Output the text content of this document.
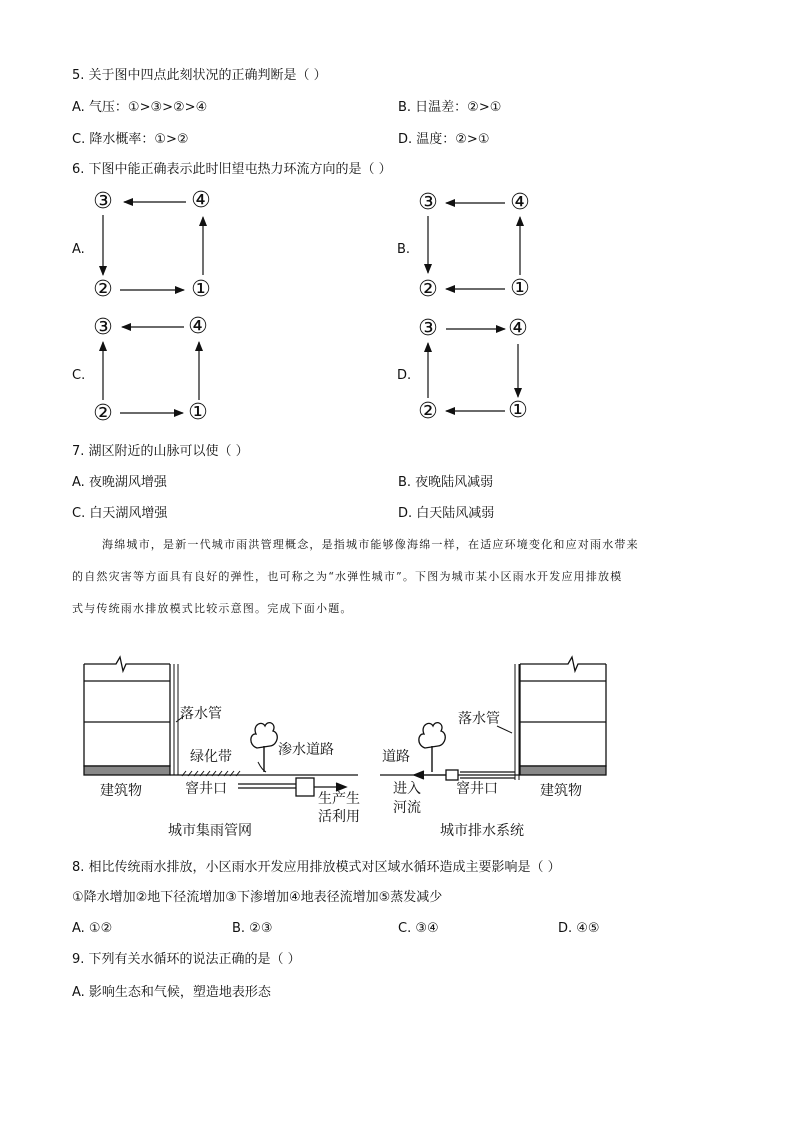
5. 关于图中四点此刻状况的正确判断是（ ）
A. 气压：①>③>②>④	B. 日温差：②>①
C. 降水概率：①>②	D. 温度：②>①
6. 下图中能正确表示此时旧望屯热力环流方向的是（ ）
A.
③	④
②	①
B.
③	④
②	①
C.
③	④
②	①
D.
③	④
②	①
7. 湖区附近的山脉可以使（ ）
A. 夜晚湖风增强	B. 夜晚陆风减弱
C. 白天湖风增强	D. 白天陆风减弱

海绵城市，是新一代城市雨洪管理概念，是指城市能够像海绵一样，在适应环境变化和应对雨水带来

的自然灾害等方面具有良好的弹性，也可称之为“水弹性城市”。下图为城市某小区雨水开发应用排放模

式与传统雨水排放模式比较示意图。完成下面小题。

落水管
绿化带	渗水道路
建筑物	窨井口
生产生
活利用
城市集雨管网
落水管
道路
进入
河流
窨井口	建筑物
城市排水系统
8. 相比传统雨水排放，小区雨水开发应用排放模式对区域水循环造成主要影响是（ ）
①降水增加②地下径流增加③下渗增加④地表径流增加⑤蒸发减少
A. ①②	B. ②③	C. ③④	D. ④⑤
9. 下列有关水循环的说法正确的是（ ）
A. 影响生态和气候，塑造地表形态
